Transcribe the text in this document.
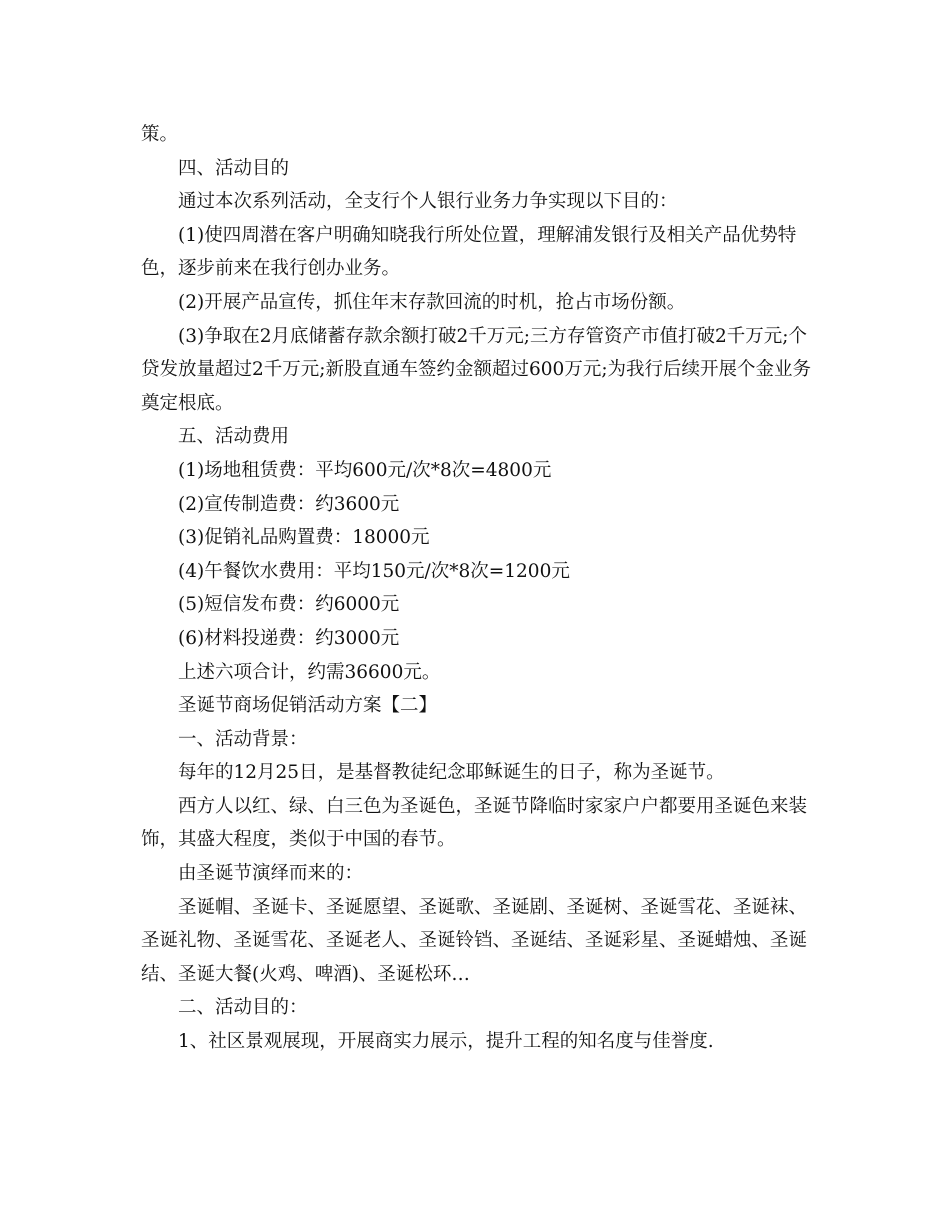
策。

四、活动目的

通过本次系列活动，全支行个人银行业务力争实现以下目的：

(1)使四周潜在客户明确知晓我行所处位置，理解浦发银行及相关产品优势特色，逐步前来在我行创办业务。

(2)开展产品宣传，抓住年末存款回流的时机，抢占市场份额。

(3)争取在2月底储蓄存款余额打破2千万元;三方存管资产市值打破2千万元;个贷发放量超过2千万元;新股直通车签约金额超过600万元;为我行后续开展个金业务奠定根底。

五、活动费用

(1)场地租赁费：平均600元/次*8次=4800元

(2)宣传制造费：约3600元

(3)促销礼品购置费：18000元

(4)午餐饮水费用：平均150元/次*8次=1200元

(5)短信发布费：约6000元

(6)材料投递费：约3000元

上述六项合计，约需36600元。

圣诞节商场促销活动方案【二】

一、活动背景：

每年的12月25日，是基督教徒纪念耶稣诞生的日子，称为圣诞节。

西方人以红、绿、白三色为圣诞色，圣诞节降临时家家户户都要用圣诞色来装饰，其盛大程度，类似于中国的春节。

由圣诞节演绎而来的：

圣诞帽、圣诞卡、圣诞愿望、圣诞歌、圣诞剧、圣诞树、圣诞雪花、圣诞袜、圣诞礼物、圣诞雪花、圣诞老人、圣诞铃铛、圣诞结、圣诞彩星、圣诞蜡烛、圣诞结、圣诞大餐(火鸡、啤酒)、圣诞松环…

二、活动目的：

1、社区景观展现，开展商实力展示，提升工程的知名度与佳誉度.
